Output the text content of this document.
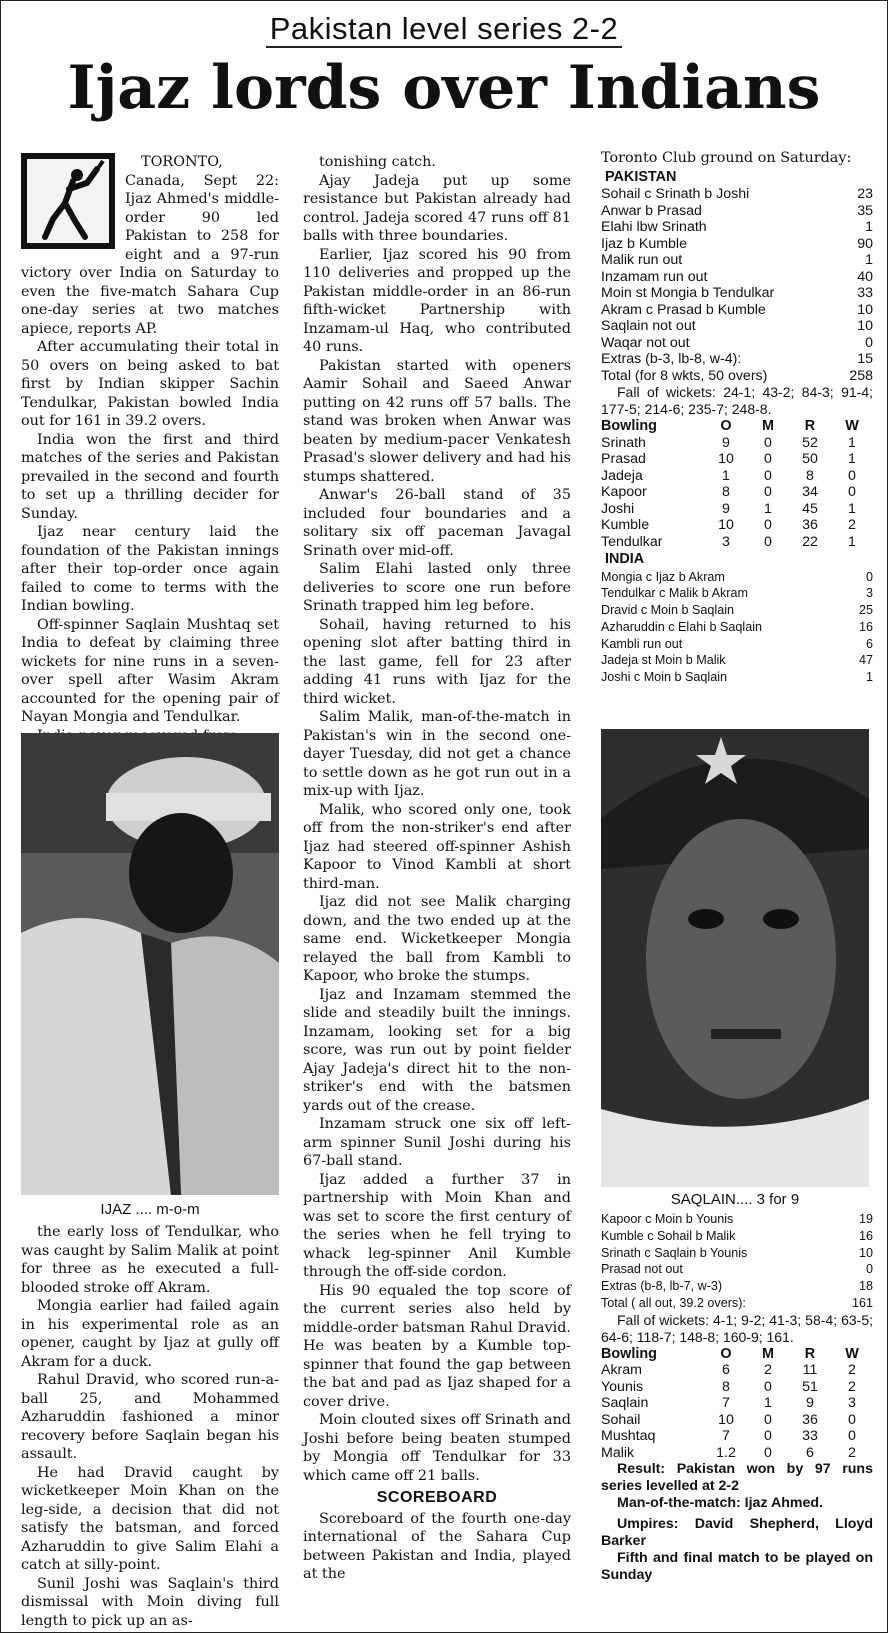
Pakistan level series 2-2
Ijaz lords over Indians

TORONTO, Canada, Sept 22: Ijaz Ahmed's middle-order 90 led Pakistan to 258 for eight and a 97-run victory over India on Saturday to even the five-match Sahara Cup one-day series at two matches apiece, reports AP.

After accumulating their total in 50 overs on being asked to bat first by Indian skipper Sachin Tendulkar, Pakistan bowled India out for 161 in 39.2 overs.

India won the first and third matches of the series and Pakistan prevailed in the second and fourth to set up a thrilling decider for Sunday.

Ijaz near century laid the foundation of the Pakistan innings after their top-order once again failed to come to terms with the Indian bowling.

Off-spinner Saqlain Mushtaq set India to defeat by claiming three wickets for nine runs in a seven-over spell after Wasim Akram accounted for the opening pair of Nayan Mongia and Tendulkar.

IJAZ .... m-o-m

the early loss of Tendulkar, who was caught by Salim Malik at point for three as he executed a full-blooded stroke off Akram.

Mongia earlier had failed again in his experimental role as an opener, caught by Ijaz at gully off Akram for a duck.

Rahul Dravid, who scored run-a-ball 25, and Mohammed Azharuddin fashioned a minor recovery before Saqlain began his assault.

He had Dravid caught by wicketkeeper Moin Khan on the leg-side, a decision that did not satisfy the batsman, and forced Azharuddin to give Salim Elahi a catch at silly-point.

Sunil Joshi was Saqlain's third dismissal with Moin diving full length to pick up an as-

tonishing catch.

Ajay Jadeja put up some resistance but Pakistan already had control. Jadeja scored 47 runs off 81 balls with three boundaries.

Earlier, Ijaz scored his 90 from 110 deliveries and propped up the Pakistan middle-order in an 86-run fifth-wicket Partnership with Inzamam-ul Haq, who contributed 40 runs.

Pakistan started with openers Aamir Sohail and Saeed Anwar putting on 42 runs off 57 balls. The stand was broken when Anwar was beaten by medium-pacer Venkatesh Prasad's slower delivery and had his stumps shattered.

Anwar's 26-ball stand of 35 included four boundaries and a solitary six off paceman Javagal Srinath over mid-off.

Salim Elahi lasted only three deliveries to score one run before Srinath trapped him leg before.

Sohail, having returned to his opening slot after batting third in the last game, fell for 23 after adding 41 runs with Ijaz for the third wicket.

Salim Malik, man-of-the-match in Pakistan's win in the second one-dayer Tuesday, did not get a chance to settle down as he got run out in a mix-up with Ijaz.

Malik, who scored only one, took off from the non-striker's end after Ijaz had steered off-spinner Ashish Kapoor to Vinod Kambli at short third-man.

Ijaz did not see Malik charging down, and the two ended up at the same end. Wicketkeeper Mongia relayed the ball from Kambli to Kapoor, who broke the stumps.

Ijaz and Inzamam stemmed the slide and steadily built the innings. Inzamam, looking set for a big score, was run out by point fielder Ajay Jadeja's direct hit to the non-striker's end with the batsmen yards out of the crease.

Inzamam struck one six off left-arm spinner Sunil Joshi during his 67-ball stand.

Ijaz added a further 37 in partnership with Moin Khan and was set to score the first century of the series when he fell trying to whack leg-spinner Anil Kumble through the off-side cordon.

His 90 equaled the top score of the current series also held by middle-order batsman Rahul Dravid. He was beaten by a Kumble top-spinner that found the gap between the bat and pad as Ijaz shaped for a cover drive.

Moin clouted sixes off Srinath and Joshi before being beaten stumped by Mongia off Tendulkar for 33 which came off 21 balls.

SCOREBOARD

Scoreboard of the fourth one-day international of the Sahara Cup between Pakistan and India, played at the

Toronto Club ground on Saturday:

PAKISTAN
Sohail c Srinath b Joshi	23
Anwar b Prasad	35
Elahi lbw Srinath	1
Ijaz b Kumble	90
Malik run out	1
Inzamam run out	40
Moin st Mongia b Tendulkar	33
Akram c Prasad b Kumble	10
Saqlain not out	10
Waqar not out	0
Extras (b-3, lb-8, w-4):	15
Total (for 8 wkts, 50 overs)	258
Fall of wickets: 24-1; 43-2; 84-3; 91-4; 177-5; 214-6; 235-7; 248-8.
Bowling	O	M	R	W
Srinath	9	0	52	1
Prasad	10	0	50	1
Jadeja	1	0	8	0
Kapoor	8	0	34	0
Joshi	9	1	45	1
Kumble	10	0	36	2
Tendulkar	3	0	22	1
INDIA
Mongia c Ijaz b Akram	0
Tendulkar c Malik b Akram	3
Dravid c Moin b Saqlain	25
Azharuddin c Elahi b Saqlain	16
Kambli run out	6
Jadeja st Moin b Malik	47
Joshi c Moin b Saqlain	1
SAQLAIN.... 3 for 9
Kapoor c Moin b Younis	19
Kumble c Sohail b Malik	16
Srinath c Saqlain b Younis	10
Prasad not out	0
Extras (b-8, lb-7, w-3)	18
Total ( all out, 39.2 overs):	161
Fall of wickets: 4-1; 9-2; 41-3; 58-4; 63-5; 64-6; 118-7; 148-8; 160-9; 161.
Bowling	O	M	R	W
Akram	6	2	11	2
Younis	8	0	51	2
Saqlain	7	1	9	3
Sohail	10	0	36	0
Mushtaq	7	0	33	0
Malik	1.2	0	6	2
Result: Pakistan won by 97 runs series levelled at 2-2
Man-of-the-match: Ijaz Ahmed.
Umpires: David Shepherd, Lloyd Barker
Fifth and final match to be played on Sunday
